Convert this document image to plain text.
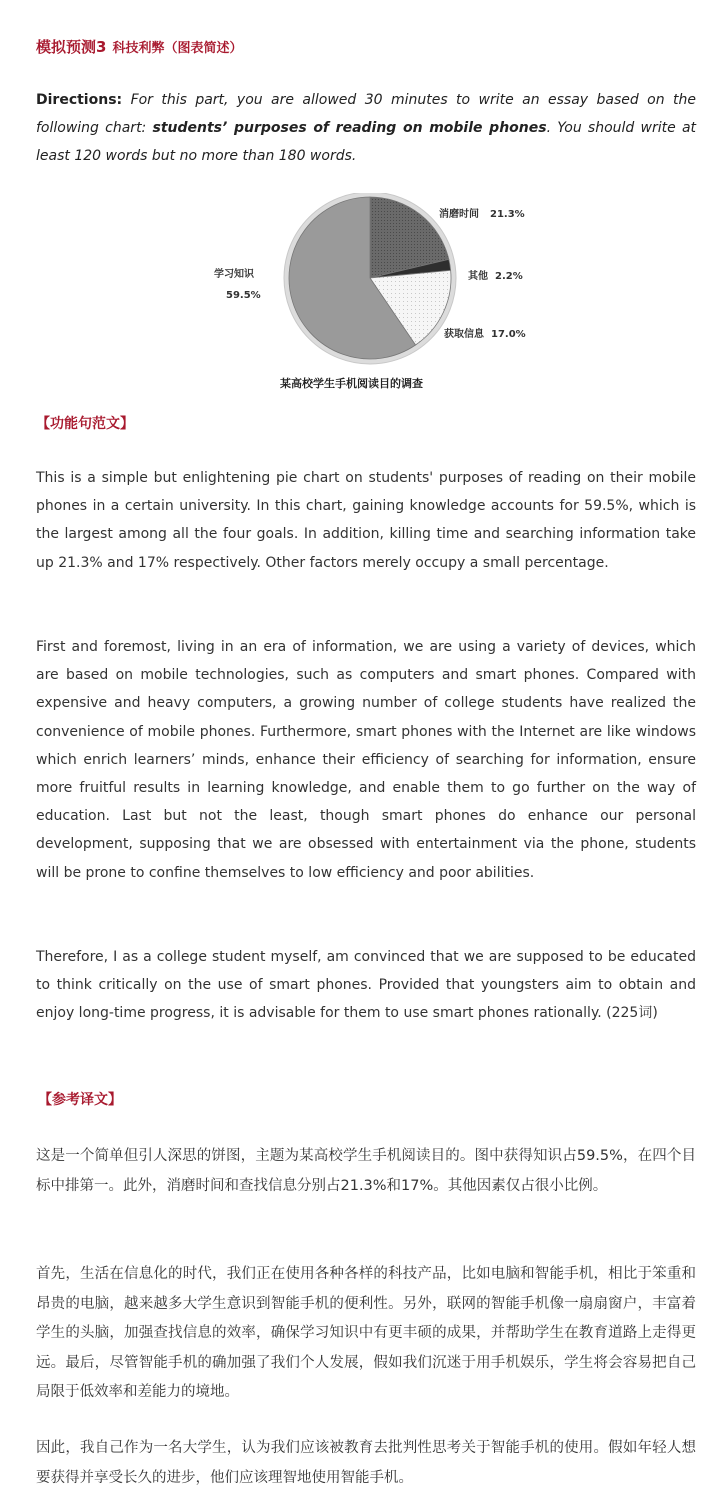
模拟预测3 科技利弊（图表简述）
Directions: For this part, you are allowed 30 minutes to write an essay based on the following chart: students’ purposes of reading on mobile phones. You should write at least 120 words but no more than 180 words.
消磨时间 21.3%
其他 2.2%
获取信息 17.0%
学习知识
59.5%
某高校学生手机阅读目的调查
【功能句范文】
This is a simple but enlightening pie chart on students' purposes of reading on their mobile phones in a certain university. In this chart, gaining knowledge accounts for 59.5%, which is the largest among all the four goals. In addition, killing time and searching information take up 21.3% and 17% respectively. Other factors merely occupy a small percentage.
First and foremost, living in an era of information, we are using a variety of devices, which are based on mobile technologies, such as computers and smart phones. Compared with expensive and heavy computers, a growing number of college students have realized the convenience of mobile phones. Furthermore, smart phones with the Internet are like windows which enrich learners’ minds, enhance their efficiency of searching for information, ensure more fruitful results in learning knowledge, and enable them to go further on the way of education. Last but not the least, though smart phones do enhance our personal development, supposing that we are obsessed with entertainment via the phone, students will be prone to confine themselves to low efficiency and poor abilities.
Therefore, I as a college student myself, am convinced that we are supposed to be educated to think critically on the use of smart phones. Provided that youngsters aim to obtain and enjoy long-time progress, it is advisable for them to use smart phones rationally. (225词)
【参考译文】
这是一个简单但引人深思的饼图，主题为某高校学生手机阅读目的。图中获得知识占59.5%，在四个目标中排第一。此外，消磨时间和查找信息分别占21.3%和17%。其他因素仅占很小比例。
首先，生活在信息化的时代，我们正在使用各种各样的科技产品，比如电脑和智能手机，相比于笨重和昂贵的电脑，越来越多大学生意识到智能手机的便利性。另外，联网的智能手机像一扇扇窗户，丰富着学生的头脑，加强查找信息的效率，确保学习知识中有更丰硕的成果，并帮助学生在教育道路上走得更远。最后，尽管智能手机的确加强了我们个人发展，假如我们沉迷于用手机娱乐，学生将会容易把自己局限于低效率和差能力的境地。
因此，我自己作为一名大学生，认为我们应该被教育去批判性思考关于智能手机的使用。假如年轻人想要获得并享受长久的进步，他们应该理智地使用智能手机。
